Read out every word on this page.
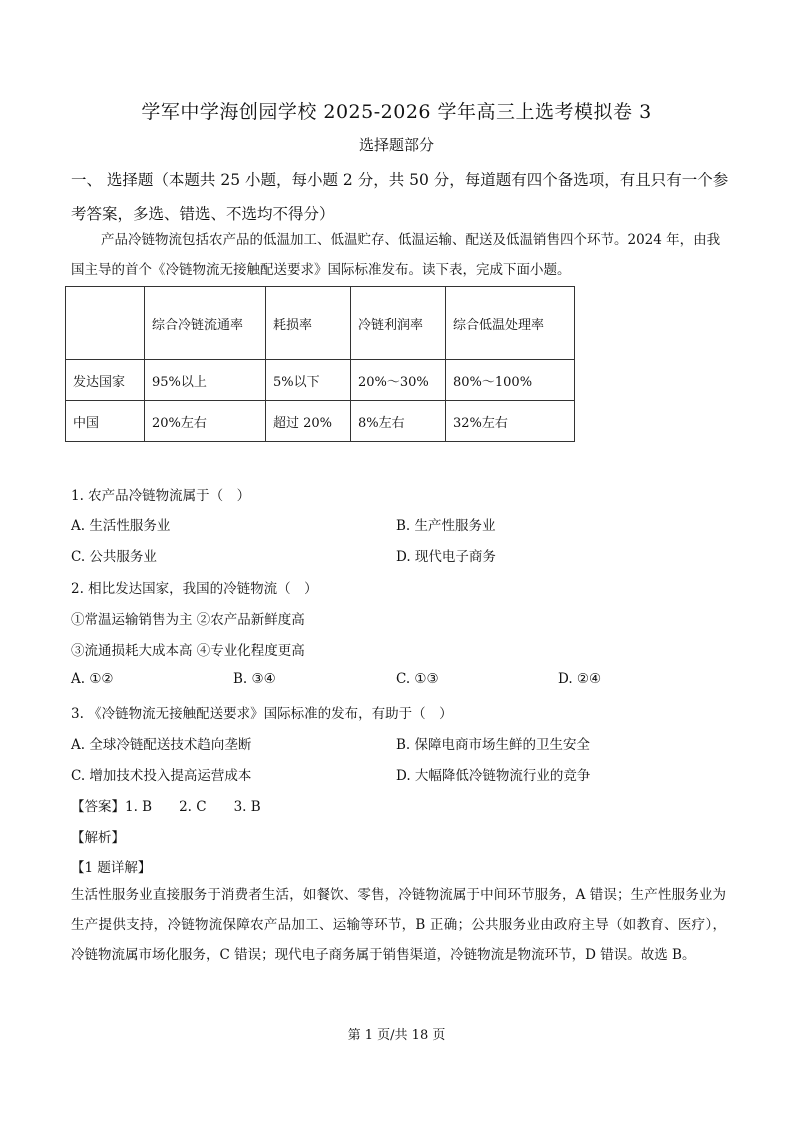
学军中学海创园学校 2025-2026 学年高三上选考模拟卷 3
选择题部分
一、 选择题（本题共 25 小题，每小题 2 分，共 50 分，每道题有四个备选项，有且只有一个参考答案，多选、错选、不选均不得分）
产品冷链物流包括农产品的低温加工、低温贮存、低温运输、配送及低温销售四个环节。2024 年，由我国主导的首个《冷链物流无接触配送要求》国际标准发布。读下表，完成下面小题。
	综合冷链流通率	耗损率	冷链利润率	综合低温处理率
发达国家	95%以上	5%以下	20%～30%	80%～100%
中国	20%左右	超过 20%	8%左右	32%左右
1. 农产品冷链物流属于（　）
A. 生活性服务业	B. 生产性服务业
C. 公共服务业	D. 现代电子商务
2. 相比发达国家，我国的冷链物流（　）
①常温运输销售为主 ②农产品新鲜度高
③流通损耗大成本高 ④专业化程度更高
A. ①②	B. ③④	C. ①③	D. ②④
3. 《冷链物流无接触配送要求》国际标准的发布，有助于（　）
A. 全球冷链配送技术趋向垄断	B. 保障电商市场生鲜的卫生安全
C. 增加技术投入提高运营成本	D. 大幅降低冷链物流行业的竞争
【答案】1. B　　2. C　　3. B
【解析】
【1 题详解】
生活性服务业直接服务于消费者生活，如餐饮、零售，冷链物流属于中间环节服务，A 错误；生产性服务业为生产提供支持，冷链物流保障农产品加工、运输等环节，B 正确；公共服务业由政府主导（如教育、医疗），冷链物流属市场化服务，C 错误；现代电子商务属于销售渠道，冷链物流是物流环节，D 错误。故选 B。
第 1 页/共 18 页
